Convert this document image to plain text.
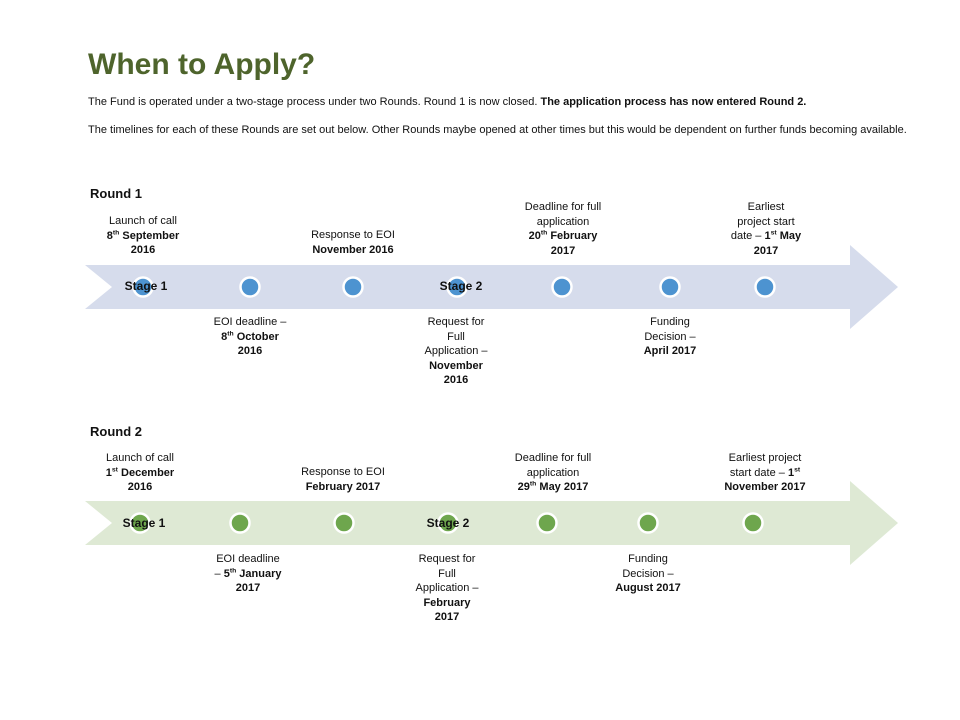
When to Apply?

The Fund is operated under a two-stage process under two Rounds. Round 1 is now closed. The application process has now entered Round 2.

The timelines for each of these Rounds are set out below. Other Rounds maybe opened at other times but this would be dependent on further funds becoming available.

Round 1
Launch of call
8th September
2016
Response to EOI
November 2016
Deadline for full
application
20th February
2017
Earliest
project start
date – 1st May
2017
Stage 1	Stage 2
EOI deadline –
8th October
2016
Request for
Full
Application –
November
2016
Funding
Decision –
April 2017
Round 2
Launch of call
1st December
2016
Response to EOI
February 2017
Deadline for full
application
29th May 2017
Earliest project
start date – 1st
November 2017
Stage 1	Stage 2
EOI deadline
– 5th January
2017
Request for
Full
Application –
February
2017
Funding
Decision –
August 2017
